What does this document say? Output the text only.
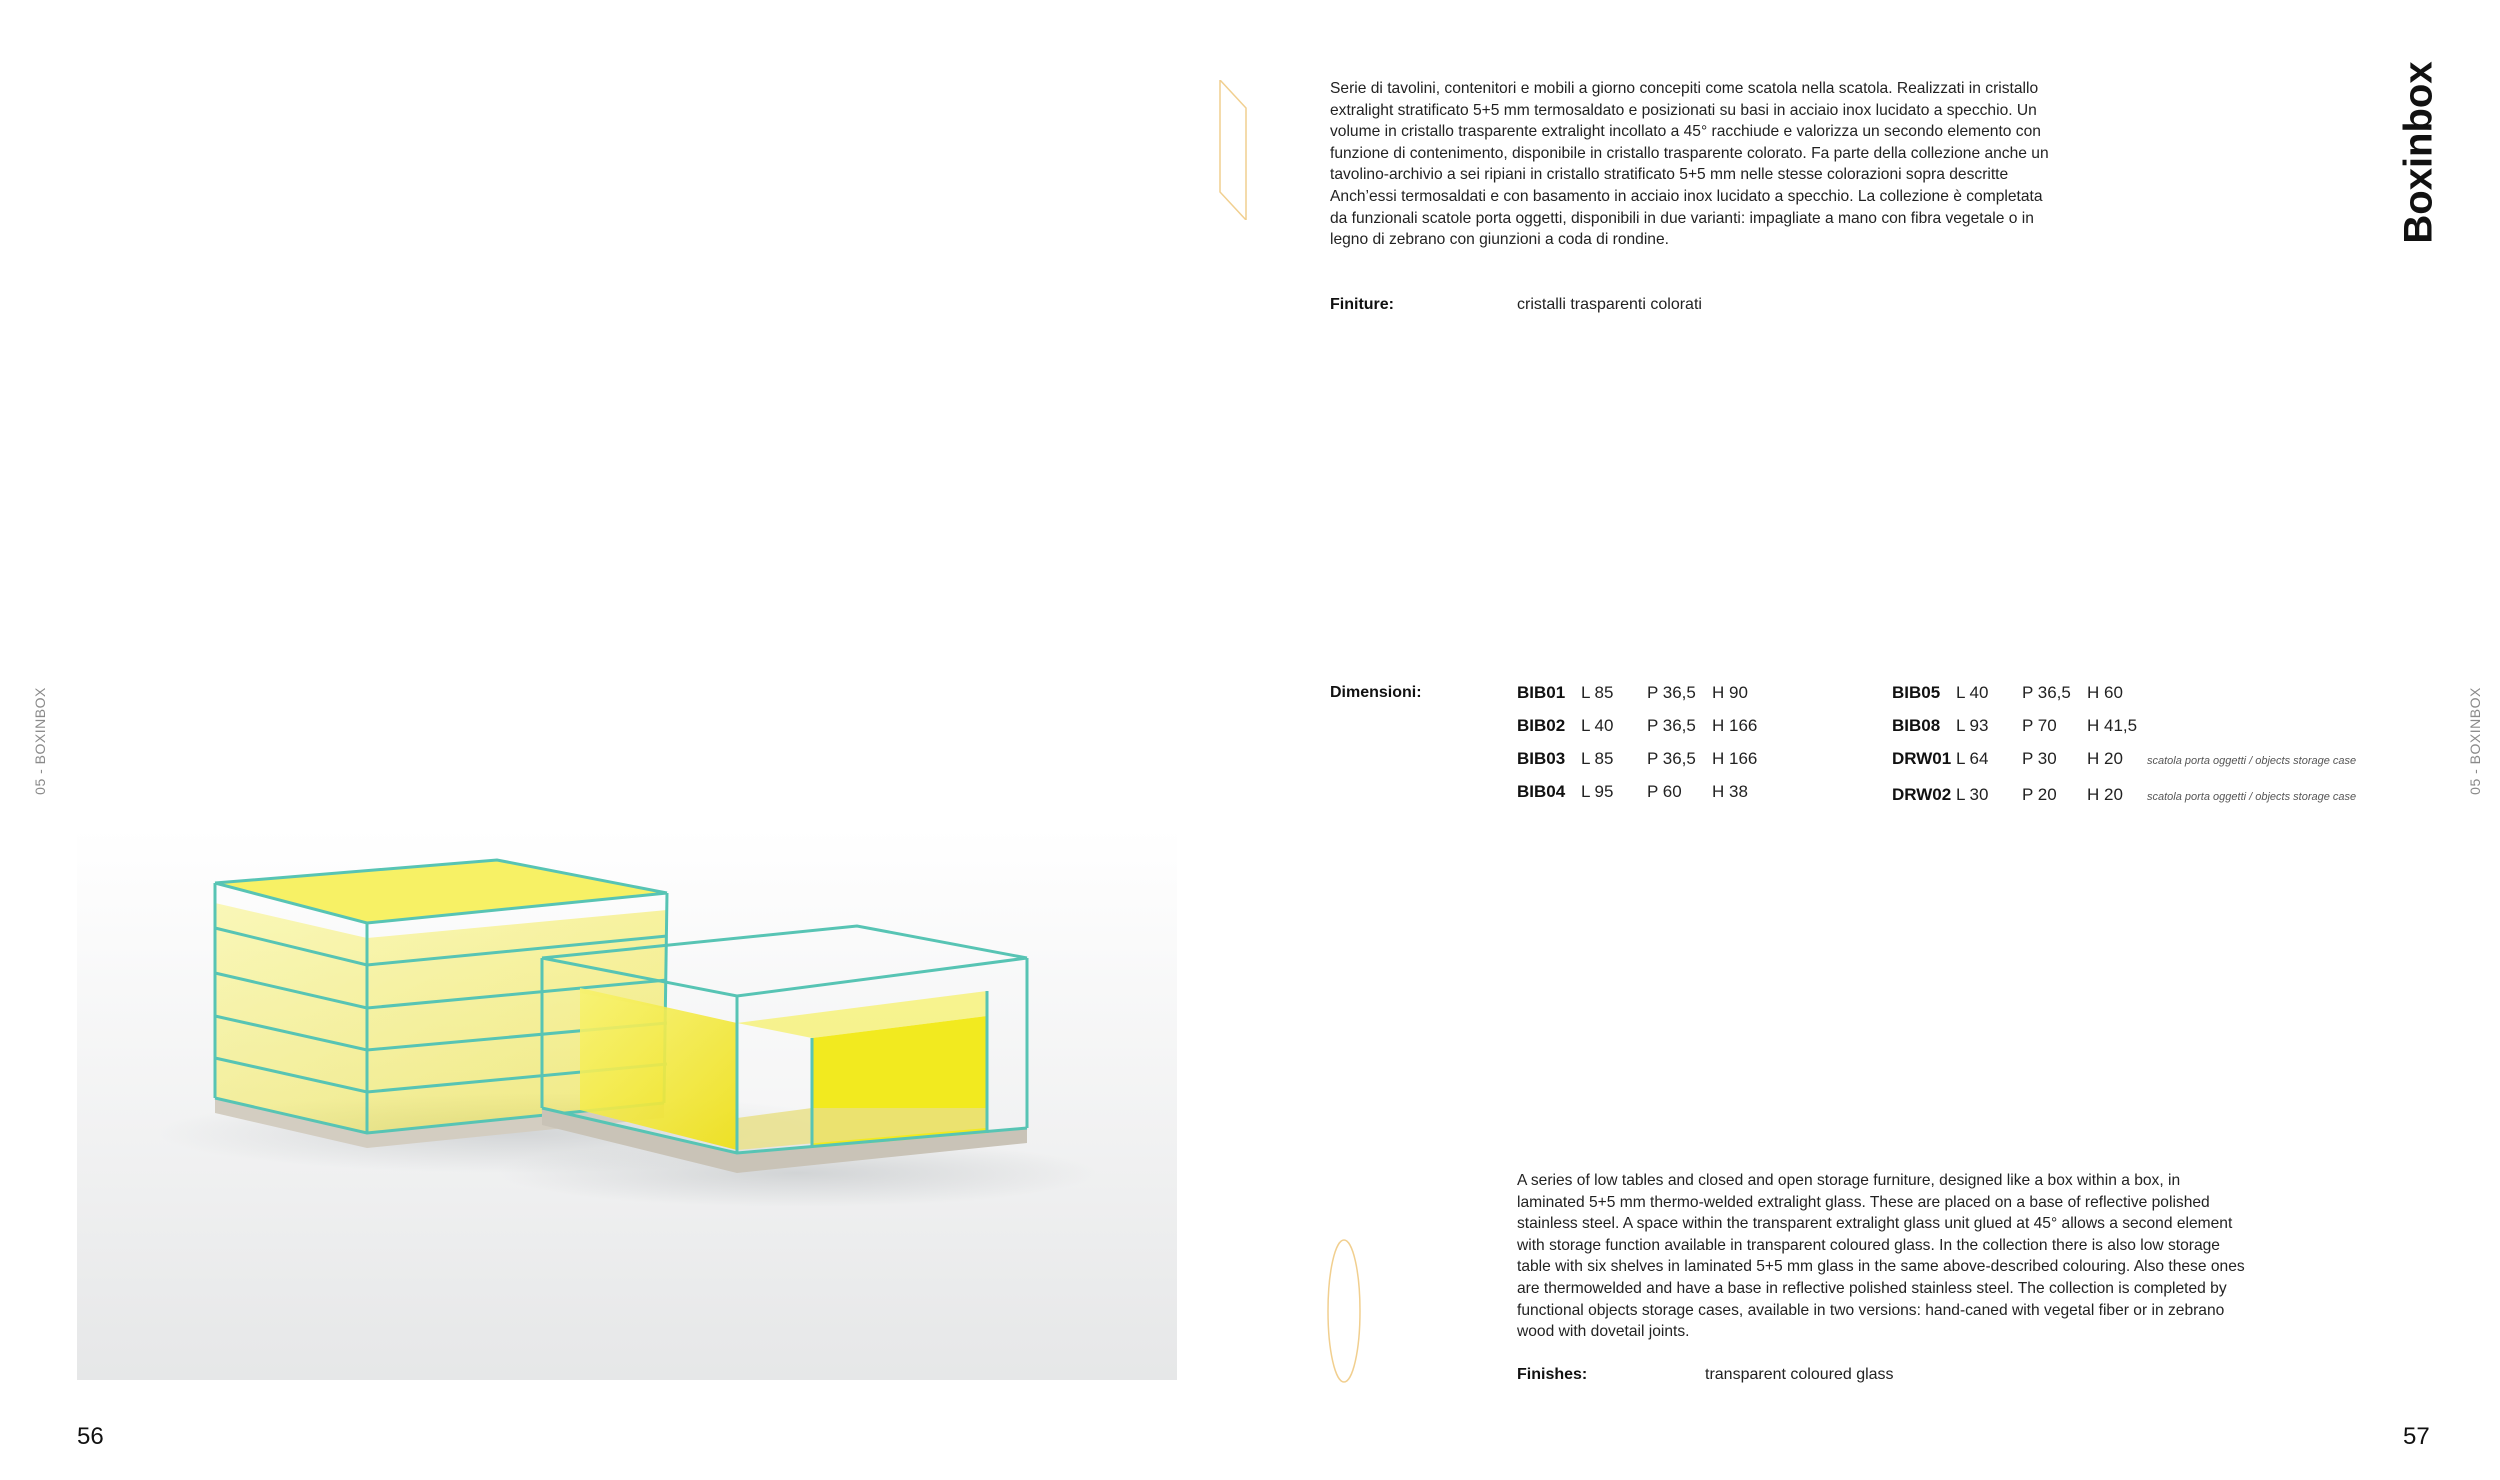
05 - BOXINBOX
56

Serie di tavolini, contenitori e mobili a giorno concepiti come scatola nella scatola. Realizzati in cristallo extralight stratificato 5+5 mm termosaldato e posizionati su basi in acciaio inox lucidato a specchio. Un volume in cristallo trasparente extralight incollato a 45° racchiude e valorizza un secondo elemento con funzione di contenimento, disponibile in cristallo trasparente colorato. Fa parte della collezione anche un tavolino-archivio a sei ripiani in cristallo stratificato 5+5 mm nelle stesse colorazioni sopra descritte Anch’essi termosaldati e con basamento in acciaio inox lucidato a specchio. La collezione è completata da funzionali scatole porta oggetti, disponibili in due varianti: impagliate a mano con fibra vegetale o in legno di zebrano con giunzioni a coda di rondine.

Finiture:	cristalli trasparenti colorati
Boxinbox
Dimensioni:	BIB01	L 85	P 36,5	H 90
BIB02	L 40	P 36,5	H 166
BIB03	L 85	P 36,5	H 166
BIB04	L 95	P 60	H 38
BIB05	L 40	P 36,5	H 60	
BIB08	L 93	P 70	H 41,5	
DRW01	L 64	P 30	H 20	scatola porta oggetti / objects storage case
DRW02	L 30	P 20	H 20	scatola porta oggetti / objects storage case
05 - BOXINBOX

A series of low tables and closed and open storage furniture, designed like a box within a box, in laminated 5+5 mm thermo-welded extralight glass. These are placed on a base of reflective polished stainless steel. A space within the transparent extralight glass unit glued at 45° allows a second element with storage function available in transparent coloured glass. In the collection there is also low storage table with six shelves in laminated 5+5 mm glass in the same above-described colouring. Also these ones are thermowelded and have a base in reflective polished stainless steel. The collection is completed by functional objects storage cases, available in two versions: hand-caned with vegetal fiber or in zebrano wood with dovetail joints.

Finishes:	transparent coloured glass
57
